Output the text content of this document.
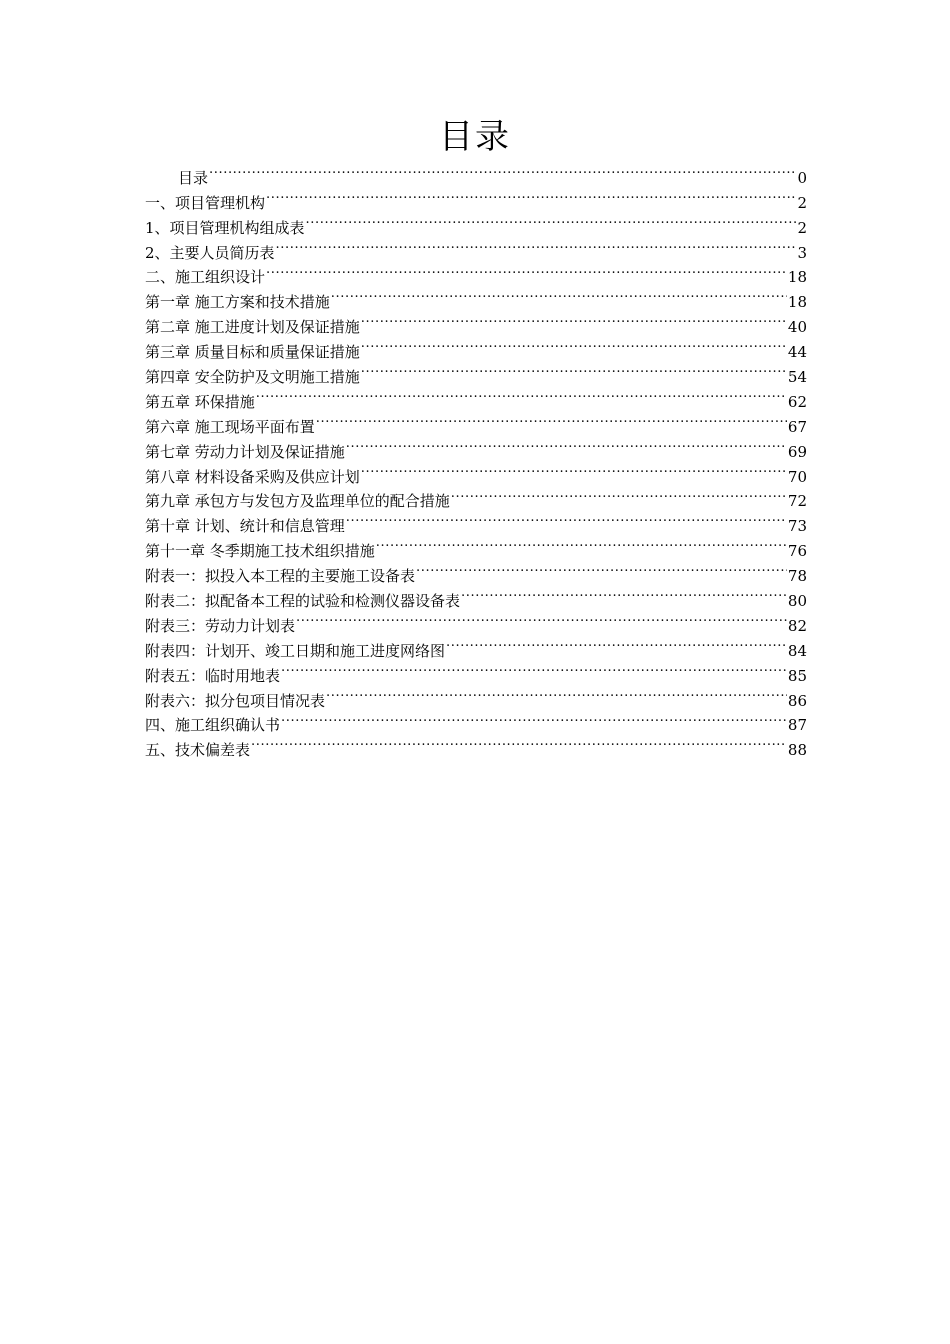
目录
目录 .....	0
一、项目管理机构 .....	2
1、项目管理机构组成表 .....	2
2、主要人员简历表 .....	3
二、施工组织设计 .....	18
第一章 施工方案和技术措施 .....	18
第二章 施工进度计划及保证措施 .....	40
第三章 质量目标和质量保证措施 .....	44
第四章 安全防护及文明施工措施 .....	54
第五章 环保措施 .....	62
第六章 施工现场平面布置 .....	67
第七章 劳动力计划及保证措施 .....	69
第八章 材料设备采购及供应计划 .....	70
第九章 承包方与发包方及监理单位的配合措施 .....	72
第十章 计划、统计和信息管理 .....	73
第十一章 冬季期施工技术组织措施 .....	76
附表一：拟投入本工程的主要施工设备表 .....	78
附表二：拟配备本工程的试验和检测仪器设备表 .....	80
附表三：劳动力计划表 .....	82
附表四：计划开、竣工日期和施工进度网络图 .....	84
附表五：临时用地表 .....	85
附表六：拟分包项目情况表 .....	86
四、施工组织确认书 .....	87
五、技术偏差表 .....	88
